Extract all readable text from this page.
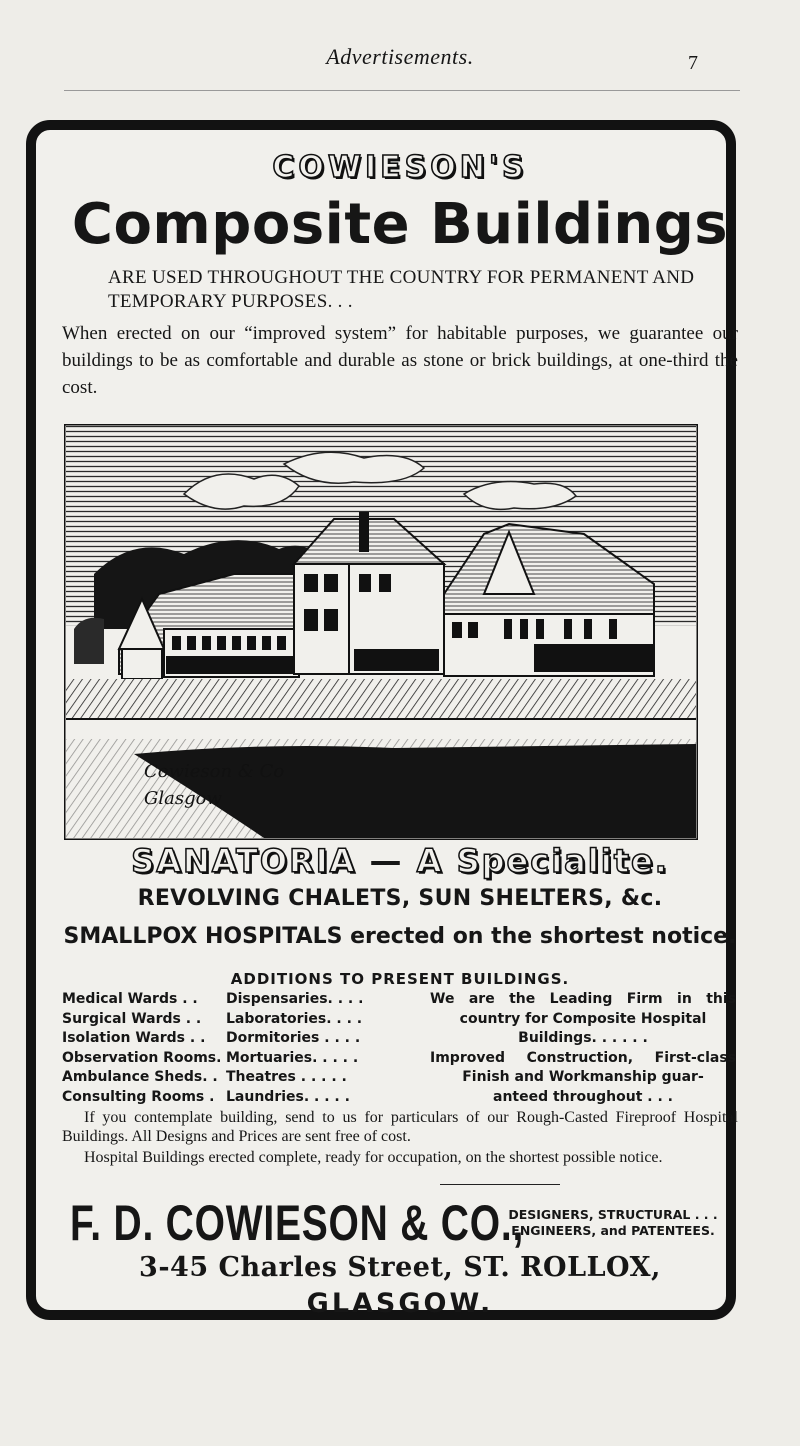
Advertisements.	7
COWIESON'S
Composite Buildings
ARE USED THROUGHOUT THE COUNTRY FOR PERMANENT AND TEMPORARY PURPOSES. . .
When erected on our “improved system” for habitable purposes, we guarantee our buildings to be as comfortable and durable as stone or brick buildings, at one-third the cost.
Cowieson & Co
Glasgow
SANATORIA — A Specialite.
REVOLVING CHALETS, SUN SHELTERS, &c.
SMALLPOX HOSPITALS erected on the shortest notice.
ADDITIONS TO PRESENT BUILDINGS.
Medical Wards . .
Surgical Wards . .
Isolation Wards . .
Observation Rooms.
Ambulance Sheds. .
Consulting Rooms .
Dispensaries. . . .
Laboratories. . . .
Dormitories . . . .
Mortuaries. . . . .
Theatres . . . . .
Laundries. . . . .
We are the Leading Firm in this
country for Composite Hospital
Buildings. . . . . .
Improved Construction, First-class
Finish and Workmanship guar-
anteed throughout . . .
If you contemplate building, send to us for particulars of our Rough-Casted Fireproof Hospital Buildings. All Designs and Prices are sent free of cost.
Hospital Buildings erected complete, ready for occupation, on the shortest possible notice.
F. D. COWIESON & CO.,
DESIGNERS, STRUCTURAL . . .
ENGINEERS, and PATENTEES.
3-45 Charles Street, ST. ROLLOX,
GLASGOW.
